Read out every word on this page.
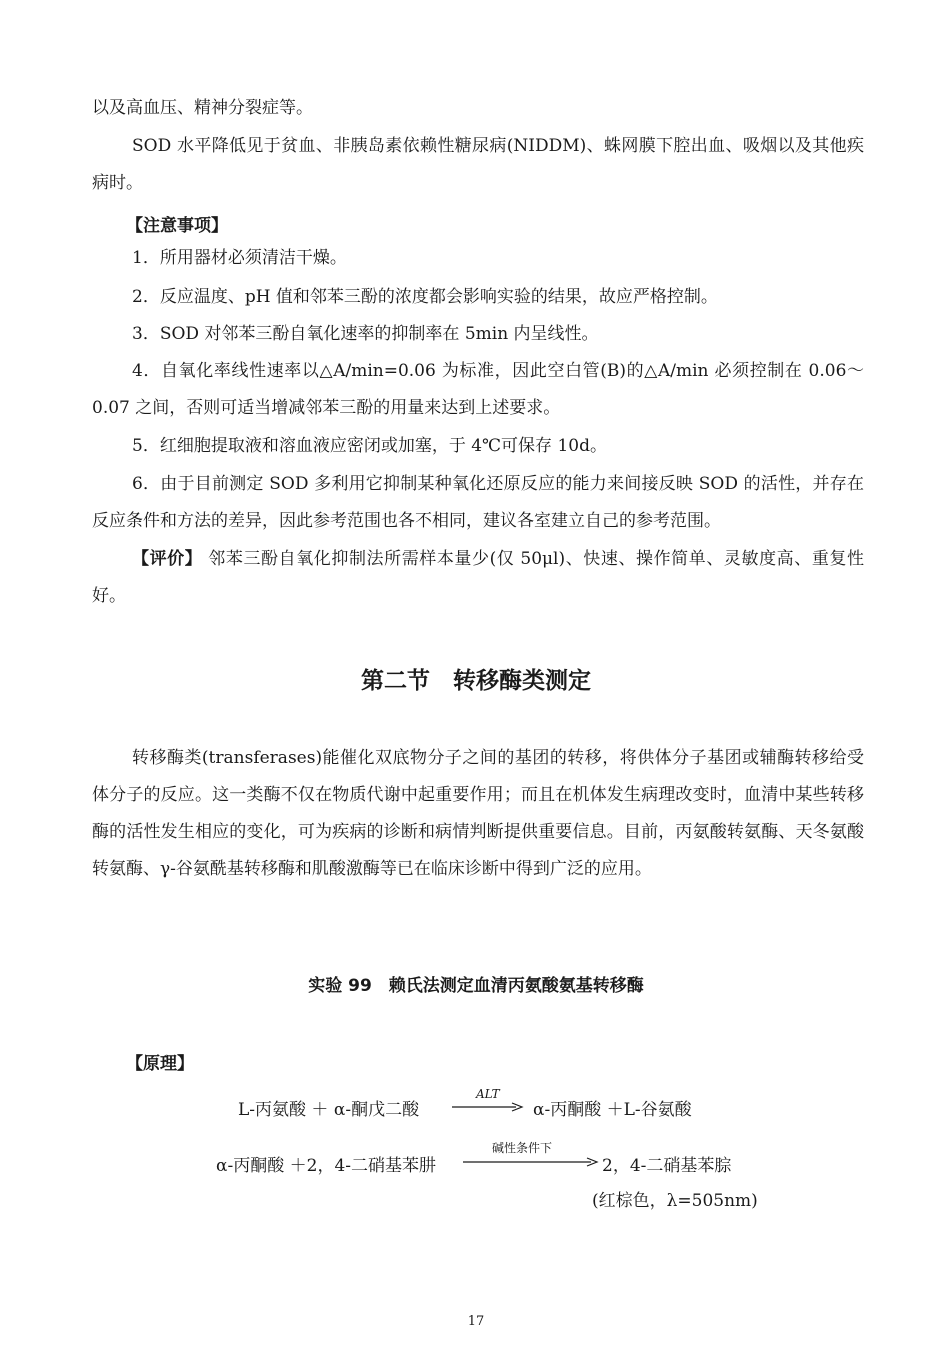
以及高血压、精神分裂症等。

SOD 水平降低见于贫血、非胰岛素依赖性糖尿病(NIDDM)、蛛网膜下腔出血、吸烟以及其他疾病时。

【注意事项】

1．所用器材必须清洁干燥。

2．反应温度、pH 值和邻苯三酚的浓度都会影响实验的结果，故应严格控制。

3．SOD 对邻苯三酚自氧化速率的抑制率在 5min 内呈线性。

4．自氧化率线性速率以△A/min=0.06 为标准，因此空白管(B)的△A/min 必须控制在 0.06～0.07 之间，否则可适当增减邻苯三酚的用量来达到上述要求。

5．红细胞提取液和溶血液应密闭或加塞，于 4℃可保存 10d。

6．由于目前测定 SOD 多利用它抑制某种氧化还原反应的能力来间接反映 SOD 的活性，并存在反应条件和方法的差异，因此参考范围也各不相同，建议各室建立自己的参考范围。

【评价】 邻苯三酚自氧化抑制法所需样本量少(仅 50μl)、快速、操作简单、灵敏度高、重复性好。

第二节　转移酶类测定

转移酶类(transferases)能催化双底物分子之间的基团的转移，将供体分子基团或辅酶转移给受体分子的反应。这一类酶不仅在物质代谢中起重要作用；而且在机体发生病理改变时，血清中某些转移酶的活性发生相应的变化，可为疾病的诊断和病情判断提供重要信息。目前，丙氨酸转氨酶、天冬氨酸转氨酶、γ-谷氨酰基转移酶和肌酸激酶等已在临床诊断中得到广泛的应用。

实验 99　赖氏法测定血清丙氨酸氨基转移酶
【原理】
L-丙氨酸 ＋ α-酮戊二酸
ALT
α-丙酮酸 ＋L-谷氨酸
α-丙酮酸 ＋2，4-二硝基苯肼
碱性条件下
2，4-二硝基苯腙
(红棕色，λ=505nm)
17
